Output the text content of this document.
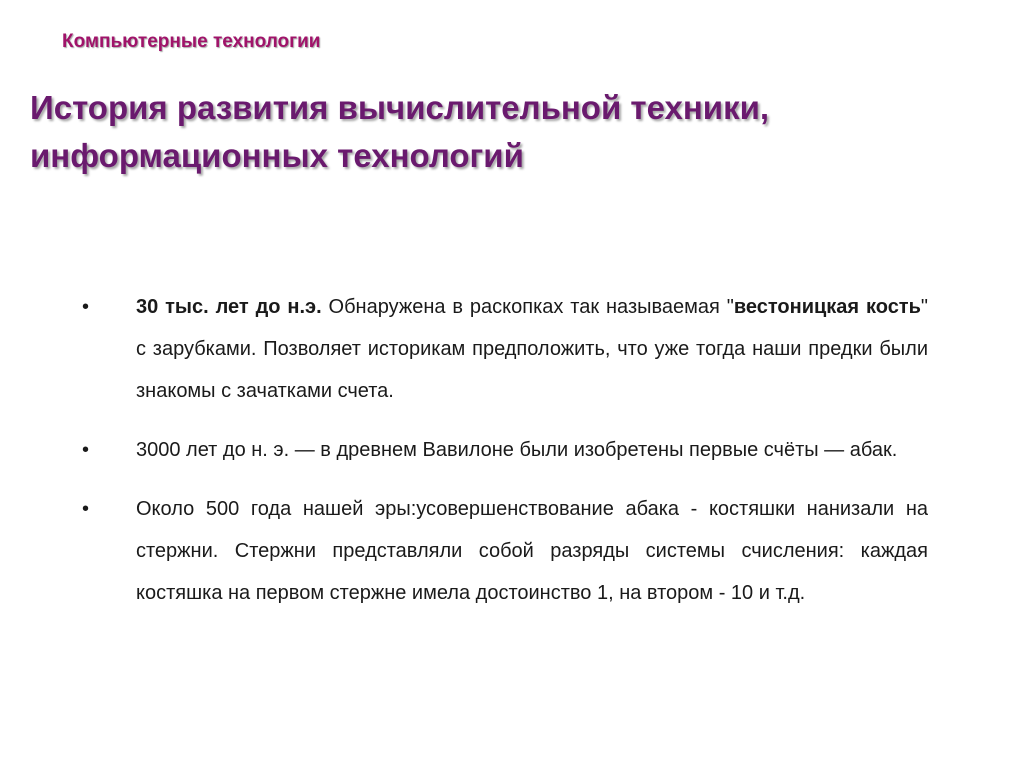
Компьютерные технологии
История развития вычислительной техники,
информационных технологий
• 30 тыс. лет до н.э. Обнаружена в раскопках так называемая "вестоницкая кость" с зарубками. Позволяет историкам предположить, что уже тогда наши предки были знакомы с зачатками счета.
• 3000 лет до н. э. — в древнем Вавилоне были изобретены первые счёты — абак.
• Около 500 года нашей эры:усовершенствование абака - костяшки нанизали на стержни. Стержни представляли собой разряды системы счисления: каждая костяшка на первом стержне имела достоинство 1, на втором - 10 и т.д.
